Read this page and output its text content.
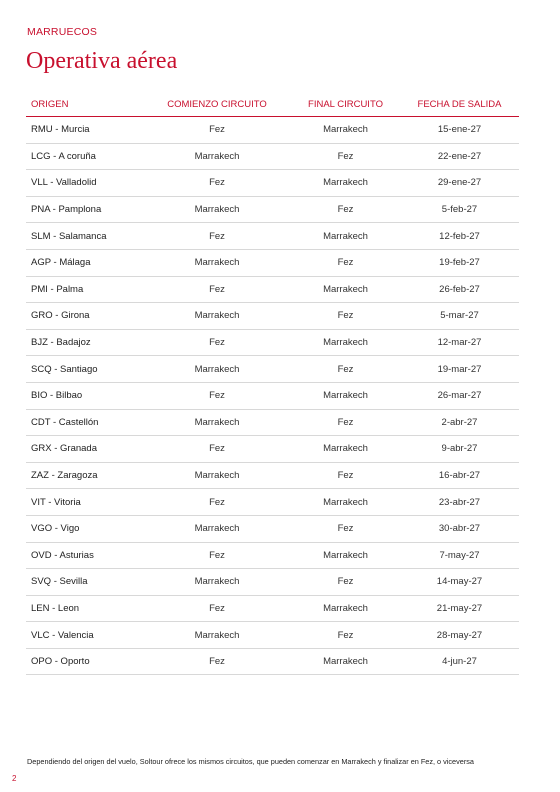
MARRUECOS
Operativa aérea
ORIGEN	COMIENZO CIRCUITO	FINAL CIRCUITO	FECHA DE SALIDA
RMU - Murcia	Fez	Marrakech	15-ene-27
LCG - A coruña	Marrakech	Fez	22-ene-27
VLL - Valladolid	Fez	Marrakech	29-ene-27
PNA - Pamplona	Marrakech	Fez	5-feb-27
SLM - Salamanca	Fez	Marrakech	12-feb-27
AGP - Málaga	Marrakech	Fez	19-feb-27
PMI - Palma	Fez	Marrakech	26-feb-27
GRO - Girona	Marrakech	Fez	5-mar-27
BJZ - Badajoz	Fez	Marrakech	12-mar-27
SCQ - Santiago	Marrakech	Fez	19-mar-27
BIO - Bilbao	Fez	Marrakech	26-mar-27
CDT - Castellón	Marrakech	Fez	2-abr-27
GRX - Granada	Fez	Marrakech	9-abr-27
ZAZ - Zaragoza	Marrakech	Fez	16-abr-27
VIT - Vitoria	Fez	Marrakech	23-abr-27
VGO - Vigo	Marrakech	Fez	30-abr-27
OVD - Asturias	Fez	Marrakech	7-may-27
SVQ - Sevilla	Marrakech	Fez	14-may-27
LEN - Leon	Fez	Marrakech	21-may-27
VLC - Valencia	Marrakech	Fez	28-may-27
OPO - Oporto	Fez	Marrakech	4-jun-27
Dependiendo del origen del vuelo, Soltour ofrece los mismos circuitos, que pueden comenzar en Marrakech y finalizar en Fez, o viceversa
2
